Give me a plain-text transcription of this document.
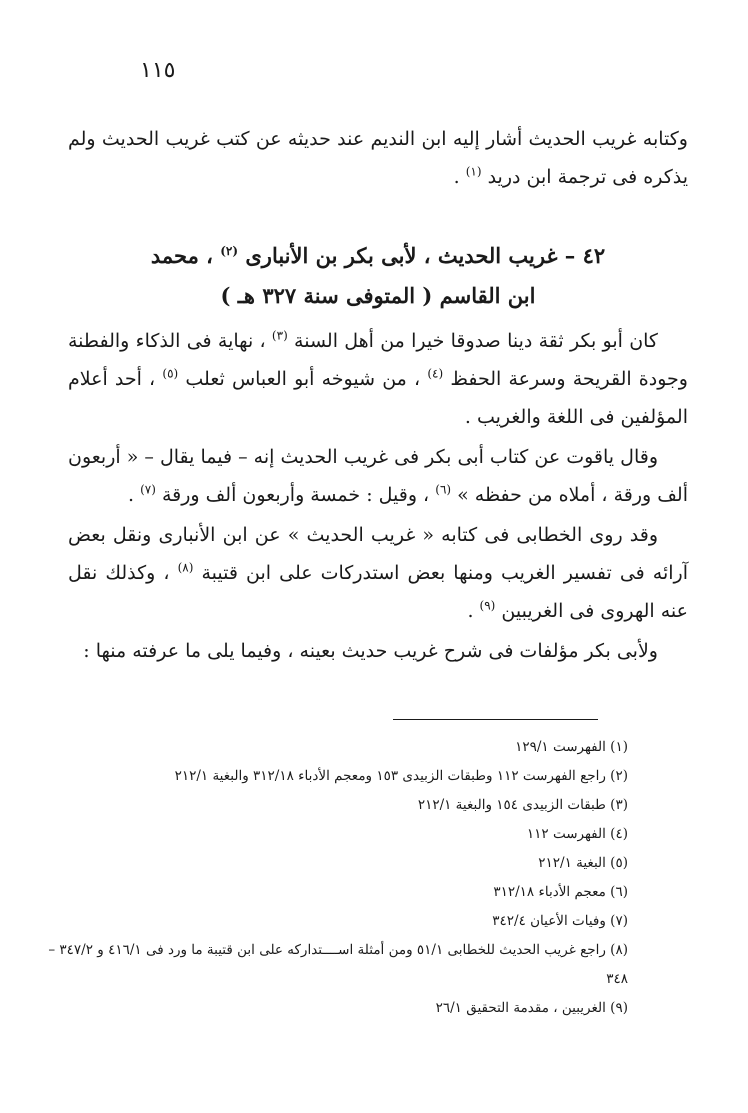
١١٥

وكتابه غريب الحديث أشار إليه ابن النديم عند حديثه عن كتب غريب الحديث ولم يذكره فى ترجمة ابن دريد $^{(١)}$ .

٤٢ – غريب الحديث ، لأبى بكر بن الأنبارى $^{(٢)}$ ، محمد
ابن القاسم ( المتوفى سنة ٣٢٧ هـ )

كان أبو بكر ثقة دينا صدوقا خيرا من أهل السنة $^{(٣)}$ ، نهاية فى الذكاء والفطنة وجودة القريحة وسرعة الحفظ $^{(٤)}$ ، من شيوخه أبو العباس ثعلب $^{(٥)}$ ، أحد أعلام المؤلفين فى اللغة والغريب .

وقال ياقوت عن كتاب أبى بكر فى غريب الحديث إنه – فيما يقال – « أربعون ألف ورقة ، أملاه من حفظه » $^{(٦)}$ ، وقيل : خمسة وأربعون ألف ورقة $^{(٧)}$ .

وقد روى الخطابى فى كتابه « غريب الحديث » عن ابن الأنبارى ونقل بعض آرائه فى تفسير الغريب ومنها بعض استدركات على ابن قتيبة $^{(٨)}$ ، وكذلك نقل عنه الهروى فى الغريبين $^{(٩)}$ .

ولأبى بكر مؤلفات فى شرح غريب حديث بعينه ، وفيما يلى ما عرفته منها :

(١) الفهرست ١٢٩/١
(٢) راجع الفهرست ١١٢ وطبقات الزبيدى ١٥٣ ومعجم الأدباء ٣١٢/١٨ والبغية ٢١٢/١
(٣) طبقات الزبيدى ١٥٤ والبغية ٢١٢/١
(٤) الفهرست ١١٢
(٥) البغية ٢١٢/١
(٦) معجم الأدباء ٣١٢/١٨
(٧) وفيات الأعيان ٣٤٢/٤
(٨) راجع غريب الحديث للخطابى ٥١/١ ومن أمثلة اســــتداركه على ابن قتيبة ما ورد فى ٤١٦/١ و ٣٤٧/٢ – ٣٤٨
(٩) الغريبين ، مقدمة التحقيق ٢٦/١
